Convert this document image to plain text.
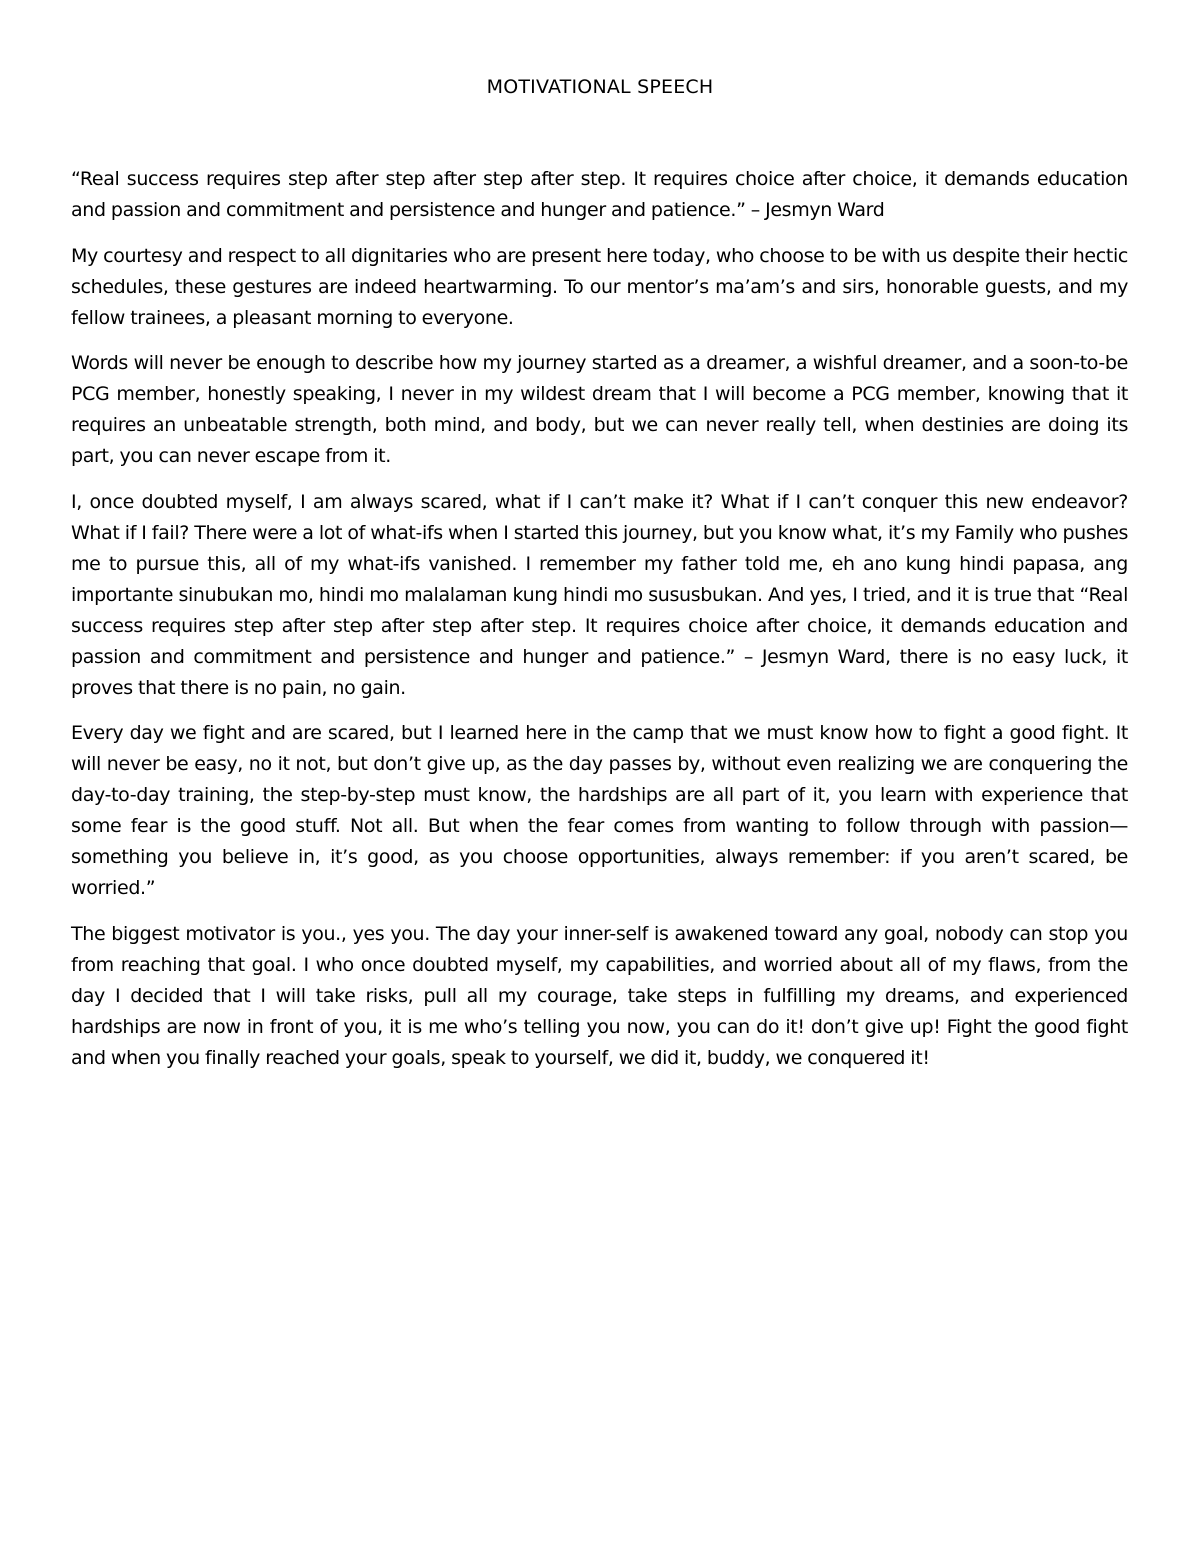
MOTIVATIONAL SPEECH

“Real success requires step after step after step after step. It requires choice after choice, it demands education and passion and commitment and persistence and hunger and patience.” – Jesmyn Ward

My courtesy and respect to all dignitaries who are present here today, who choose to be with us despite their hectic schedules, these gestures are indeed heartwarming. To our mentor’s ma’am’s and sirs, honorable guests, and my fellow trainees, a pleasant morning to everyone.

Words will never be enough to describe how my journey started as a dreamer, a wishful dreamer, and a soon-to-be PCG member, honestly speaking, I never in my wildest dream that I will become a PCG member, knowing that it requires an unbeatable strength, both mind, and body, but we can never really tell, when destinies are doing its part, you can never escape from it.

I, once doubted myself, I am always scared, what if I can’t make it? What if I can’t conquer this new endeavor? What if I fail? There were a lot of what-ifs when I started this journey, but you know what, it’s my Family who pushes me to pursue this, all of my what-ifs vanished. I remember my father told me, eh ano kung hindi papasa, ang importante sinubukan mo, hindi mo malalaman kung hindi mo sususbukan. And yes, I tried, and it is true that “Real success requires step after step after step after step. It requires choice after choice, it demands education and passion and commitment and persistence and hunger and patience.” – Jesmyn Ward, there is no easy luck, it proves that there is no pain, no gain.

Every day we fight and are scared, but I learned here in the camp that we must know how to fight a good fight. It will never be easy, no it not, but don’t give up, as the day passes by, without even realizing we are conquering the day-to-day training, the step-by-step must know, the hardships are all part of it, you learn with experience that some fear is the good stuff. Not all. But when the fear comes from wanting to follow through with passion—something you believe in, it’s good, as you choose opportunities, always remember: if you aren’t scared, be worried.”

The biggest motivator is you., yes you. The day your inner-self is awakened toward any goal, nobody can stop you from reaching that goal. I who once doubted myself, my capabilities, and worried about all of my flaws, from the day I decided that I will take risks, pull all my courage, take steps in fulfilling my dreams, and experienced hardships are now in front of you, it is me who’s telling you now, you can do it! don’t give up! Fight the good fight and when you finally reached your goals, speak to yourself, we did it, buddy, we conquered it!
